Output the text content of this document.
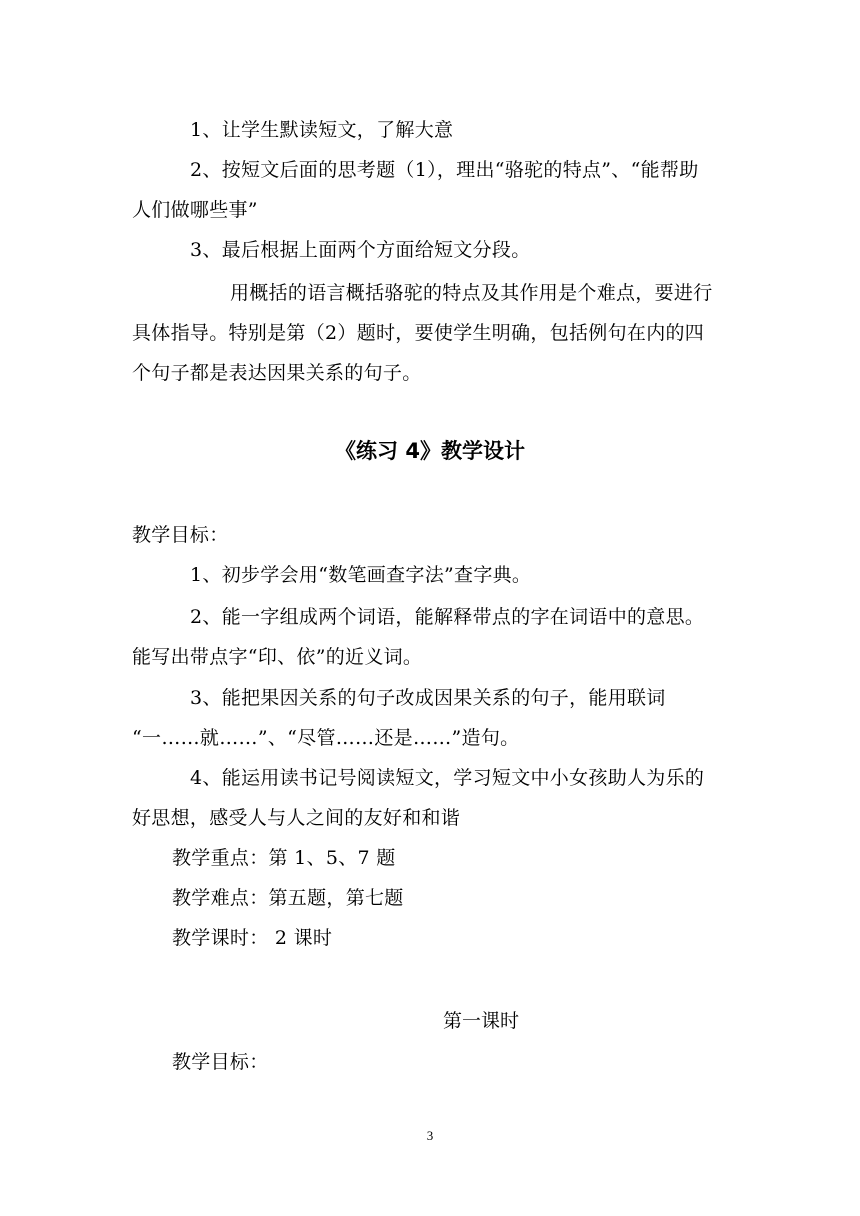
1、让学生默读短文，了解大意
2、按短文后面的思考题（1），理出“骆驼的特点”、“能帮助
人们做哪些事”
3、最后根据上面两个方面给短文分段。
用概括的语言概括骆驼的特点及其作用是个难点，要进行
具体指导。特别是第（2）题时，要使学生明确，包括例句在内的四
个句子都是表达因果关系的句子。
《练习 4》教学设计
教学目标：
1、初步学会用“数笔画查字法”查字典。
2、能一字组成两个词语，能解释带点的字在词语中的意思。
能写出带点字“印、依”的近义词。
3、能把果因关系的句子改成因果关系的句子，能用联词
“一……就……”、“尽管……还是……”造句。
4、能运用读书记号阅读短文，学习短文中小女孩助人为乐的
好思想，感受人与人之间的友好和和谐
教学重点：第 1、5、7 题
教学难点：第五题，第七题
教学课时： 2 课时
第一课时
教学目标：
3
